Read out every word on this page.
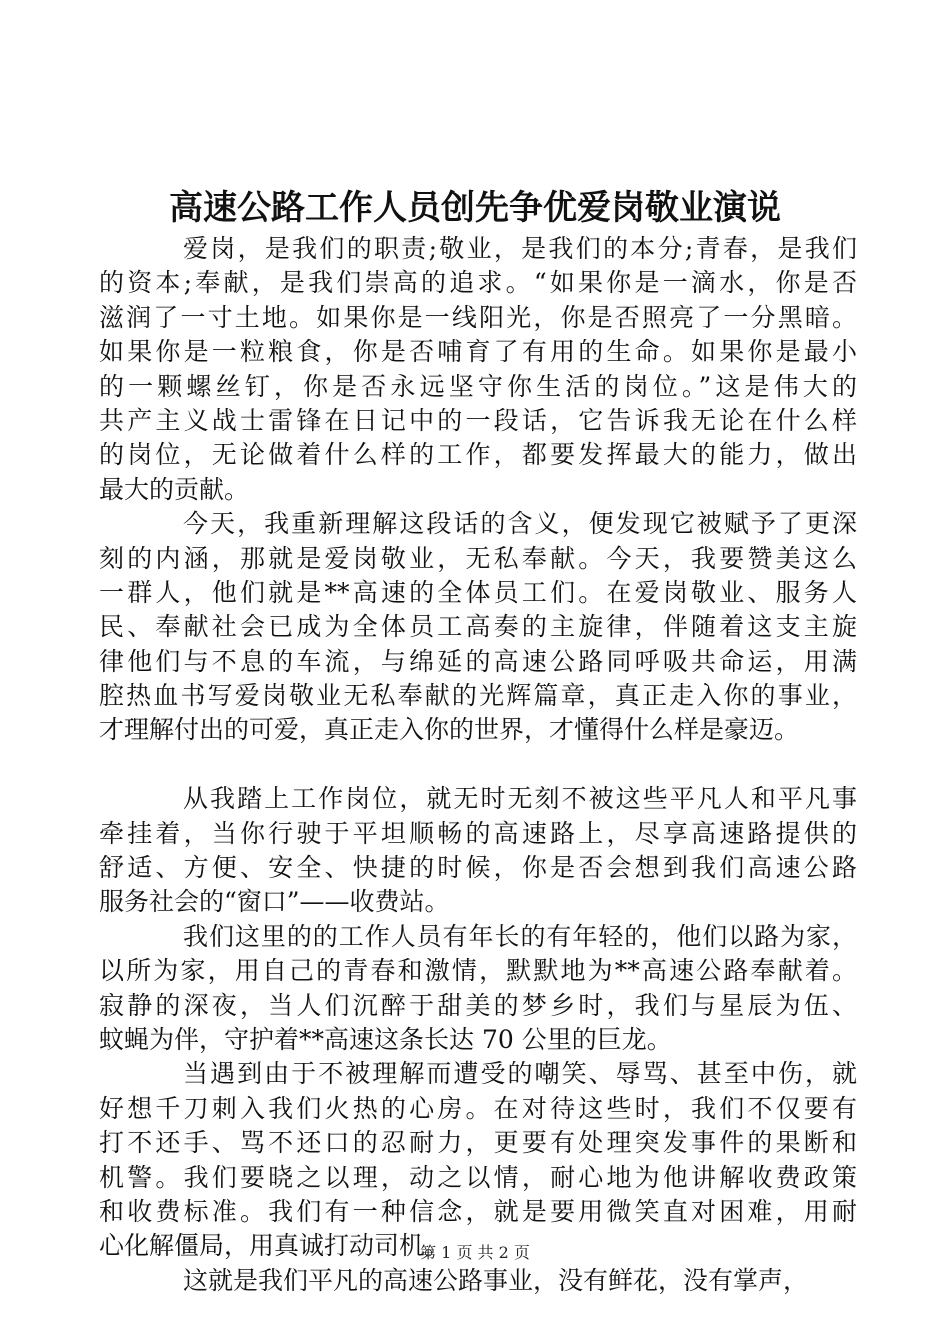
高速公路工作人员创先争优爱岗敬业演说
爱岗，是我们的职责;敬业，是我们的本分;青春，是我们
的资本;奉献，是我们崇高的追求。“如果你是一滴水，你是否
滋润了一寸土地。如果你是一线阳光，你是否照亮了一分黑暗。
如果你是一粒粮食，你是否哺育了有用的生命。如果你是最小
的一颗螺丝钉，你是否永远坚守你生活的岗位。”这是伟大的
共产主义战士雷锋在日记中的一段话，它告诉我无论在什么样
的岗位，无论做着什么样的工作，都要发挥最大的能力，做出
最大的贡献。
今天，我重新理解这段话的含义，便发现它被赋予了更深
刻的内涵，那就是爱岗敬业，无私奉献。今天，我要赞美这么
一群人，他们就是**高速的全体员工们。在爱岗敬业、服务人
民、奉献社会已成为全体员工高奏的主旋律，伴随着这支主旋
律他们与不息的车流，与绵延的高速公路同呼吸共命运，用满
腔热血书写爱岗敬业无私奉献的光辉篇章，真正走入你的事业，
才理解付出的可爱，真正走入你的世界，才懂得什么样是豪迈。
从我踏上工作岗位，就无时无刻不被这些平凡人和平凡事
牵挂着，当你行驶于平坦顺畅的高速路上，尽享高速路提供的
舒适、方便、安全、快捷的时候，你是否会想到我们高速公路
服务社会的“窗口”——收费站。
我们这里的的工作人员有年长的有年轻的，他们以路为家，
以所为家，用自己的青春和激情，默默地为**高速公路奉献着。
寂静的深夜，当人们沉醉于甜美的梦乡时，我们与星辰为伍、
蚊蝇为伴，守护着**高速这条长达 70 公里的巨龙。
当遇到由于不被理解而遭受的嘲笑、辱骂、甚至中伤，就
好想千刀刺入我们火热的心房。在对待这些时，我们不仅要有
打不还手、骂不还口的忍耐力，更要有处理突发事件的果断和
机警。我们要晓之以理，动之以情，耐心地为他讲解收费政策
和收费标准。我们有一种信念，就是要用微笑直对困难，用耐
心化解僵局，用真诚打动司机。
这就是我们平凡的高速公路事业，没有鲜花，没有掌声，
第 1 页 共 2 页
